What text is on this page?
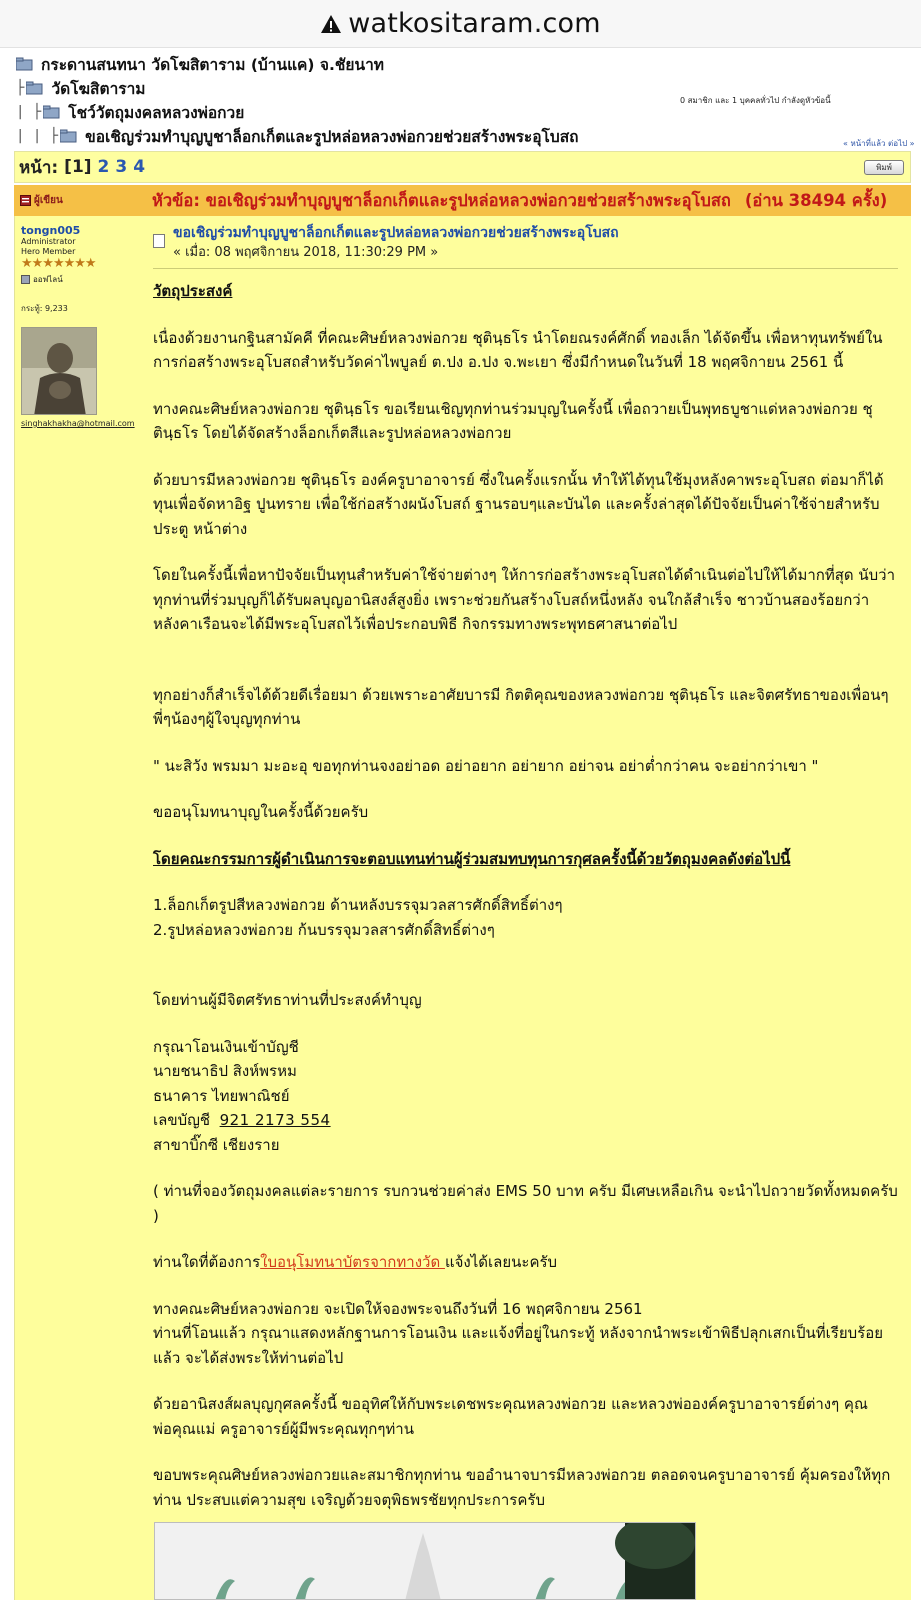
watkositaram.com
กระดานสนทนา วัดโฆสิตาราม (บ้านแค) จ.ชัยนาท
├ วัดโฆสิตาราม
| ├ โชว์วัตถุมงคลหลวงพ่อกวย
| | ├ ขอเชิญร่วมทำบุญบูชาล็อกเก็ตและรูปหล่อหลวงพ่อกวยช่วยสร้างพระอุโบสถ
0 สมาชิก และ 1 บุคคลทั่วไป กำลังดูหัวข้อนี้
« หน้าที่แล้ว ต่อไป »
หน้า: [1] 2 3 4	พิมพ์
ผู้เขียน	หัวข้อ: ขอเชิญร่วมทำบุญบูชาล็อกเก็ตและรูปหล่อหลวงพ่อกวยช่วยสร้างพระอุโบสถ (อ่าน 38494 ครั้ง)
tongn005
Administrator
Hero Member
★★★★★★★
ออฟไลน์
กระทู้: 9,233
singhakhakha@hotmail.com
ขอเชิญร่วมทำบุญบูชาล็อกเก็ตและรูปหล่อหลวงพ่อกวยช่วยสร้างพระอุโบสถ
« เมื่อ: 08 พฤศจิกายน 2018, 11:30:29 PM »

วัตถุประสงค์

เนื่องด้วยงานกฐินสามัคคี ที่คณะศิษย์หลวงพ่อกวย ชุตินฺธโร นำโดยณรงค์ศักดิ์ ทองเล็ก ได้จัดขึ้น เพื่อหาทุนทรัพย์ในการก่อสร้างพระอุโบสถสำหรับวัดค่าไพบูลย์ ต.ปง อ.ปง จ.พะเยา ซึ่งมีกำหนดในวันที่ 18 พฤศจิกายน 2561 นี้

ทางคณะศิษย์หลวงพ่อกวย ชุตินฺธโร ขอเรียนเชิญทุกท่านร่วมบุญในครั้งนี้ เพื่อถวายเป็นพุทธบูชาแด่หลวงพ่อกวย ชุตินฺธโร โดยได้จัดสร้างล็อกเก็ตสีและรูปหล่อหลวงพ่อกวย

ด้วยบารมีหลวงพ่อกวย ชุตินฺธโร องค์ครูบาอาจารย์ ซึ่งในครั้งแรกนั้น ทำให้ได้ทุนใช้มุงหลังคาพระอุโบสถ ต่อมาก็ได้ทุนเพื่อจัดหาอิฐ ปูนทราย เพื่อใช้ก่อสร้างผนังโบสถ์ ฐานรอบๆและบันได และครั้งล่าสุดได้ปัจจัยเป็นค่าใช้จ่ายสำหรับประตู หน้าต่าง

โดยในครั้งนี้เพื่อหาปัจจัยเป็นทุนสำหรับค่าใช้จ่ายต่างๆ ให้การก่อสร้างพระอุโบสถได้ดำเนินต่อไปให้ได้มากที่สุด นับว่าทุกท่านที่ร่วมบุญก็ได้รับผลบุญอานิสงส์สูงยิ่ง เพราะช่วยกันสร้างโบสถ์หนึ่งหลัง จนใกล้สำเร็จ ชาวบ้านสองร้อยกว่าหลังคาเรือนจะได้มีพระอุโบสถไว้เพื่อประกอบพิธี กิจกรรมทางพระพุทธศาสนาต่อไป

ทุกอย่างก็สำเร็จได้ด้วยดีเรื่อยมา ด้วยเพราะอาศัยบารมี กิตติคุณของหลวงพ่อกวย ชุตินฺธโร และจิตศรัทธาของเพื่อนๆ พี่ๆน้องๆผู้ใจบุญทุกท่าน

" นะสิวัง พรมมา มะอะอุ ขอทุกท่านจงอย่าอด อย่าอยาก อย่ายาก อย่าจน อย่าต่ำกว่าคน จะอย่ากว่าเขา "

ขออนุโมทนาบุญในครั้งนี้ด้วยครับ

โดยคณะกรรมการผู้ดำเนินการจะตอบแทนท่านผู้ร่วมสมทบทุนการกุศลครั้งนี้ด้วยวัตถุมงคลดังต่อไปนี้

1.ล็อกเก็ตรูปสีหลวงพ่อกวย ด้านหลังบรรจุมวลสารศักดิ์สิทธิ์ต่างๆ

2.รูปหล่อหลวงพ่อกวย ก้นบรรจุมวลสารศักดิ์สิทธิ์ต่างๆ

โดยท่านผู้มีจิตศรัทธาท่านที่ประสงค์ทำบุญ

กรุณาโอนเงินเข้าบัญชี

นายชนาธิป สิงห์พรหม

ธนาคาร ไทยพาณิชย์

เลขบัญชี  921 2173 554

สาขาบิ๊กซี เชียงราย

( ท่านที่จองวัตถุมงคลแต่ละรายการ รบกวนช่วยค่าส่ง EMS 50 บาท ครับ มีเศษเหลือเกิน จะนำไปถวายวัดทั้งหมดครับ )

ท่านใดที่ต้องการใบอนุโมทนาบัตรจากทางวัด แจ้งได้เลยนะครับ

ทางคณะศิษย์หลวงพ่อกวย จะเปิดให้จองพระจนถึงวันที่ 16 พฤศจิกายน 2561

ท่านที่โอนแล้ว กรุณาแสดงหลักฐานการโอนเงิน และแจ้งที่อยู่ในกระทู้ หลังจากนำพระเข้าพิธีปลุกเสกเป็นที่เรียบร้อยแล้ว จะได้ส่งพระให้ท่านต่อไป

ด้วยอานิสงส์ผลบุญกุศลครั้งนี้ ขออุทิศให้กับพระเดชพระคุณหลวงพ่อกวย และหลวงพ่อองค์ครูบาอาจารย์ต่างๆ คุณพ่อคุณแม่ ครูอาจารย์ผู้มีพระคุณทุกๆท่าน

ขอบพระคุณศิษย์หลวงพ่อกวยและสมาชิกทุกท่าน ขออำนาจบารมีหลวงพ่อกวย ตลอดจนครูบาอาจารย์ คุ้มครองให้ทุกท่าน ประสบแต่ความสุข เจริญด้วยจตุพิธพรชัยทุกประการครับ
